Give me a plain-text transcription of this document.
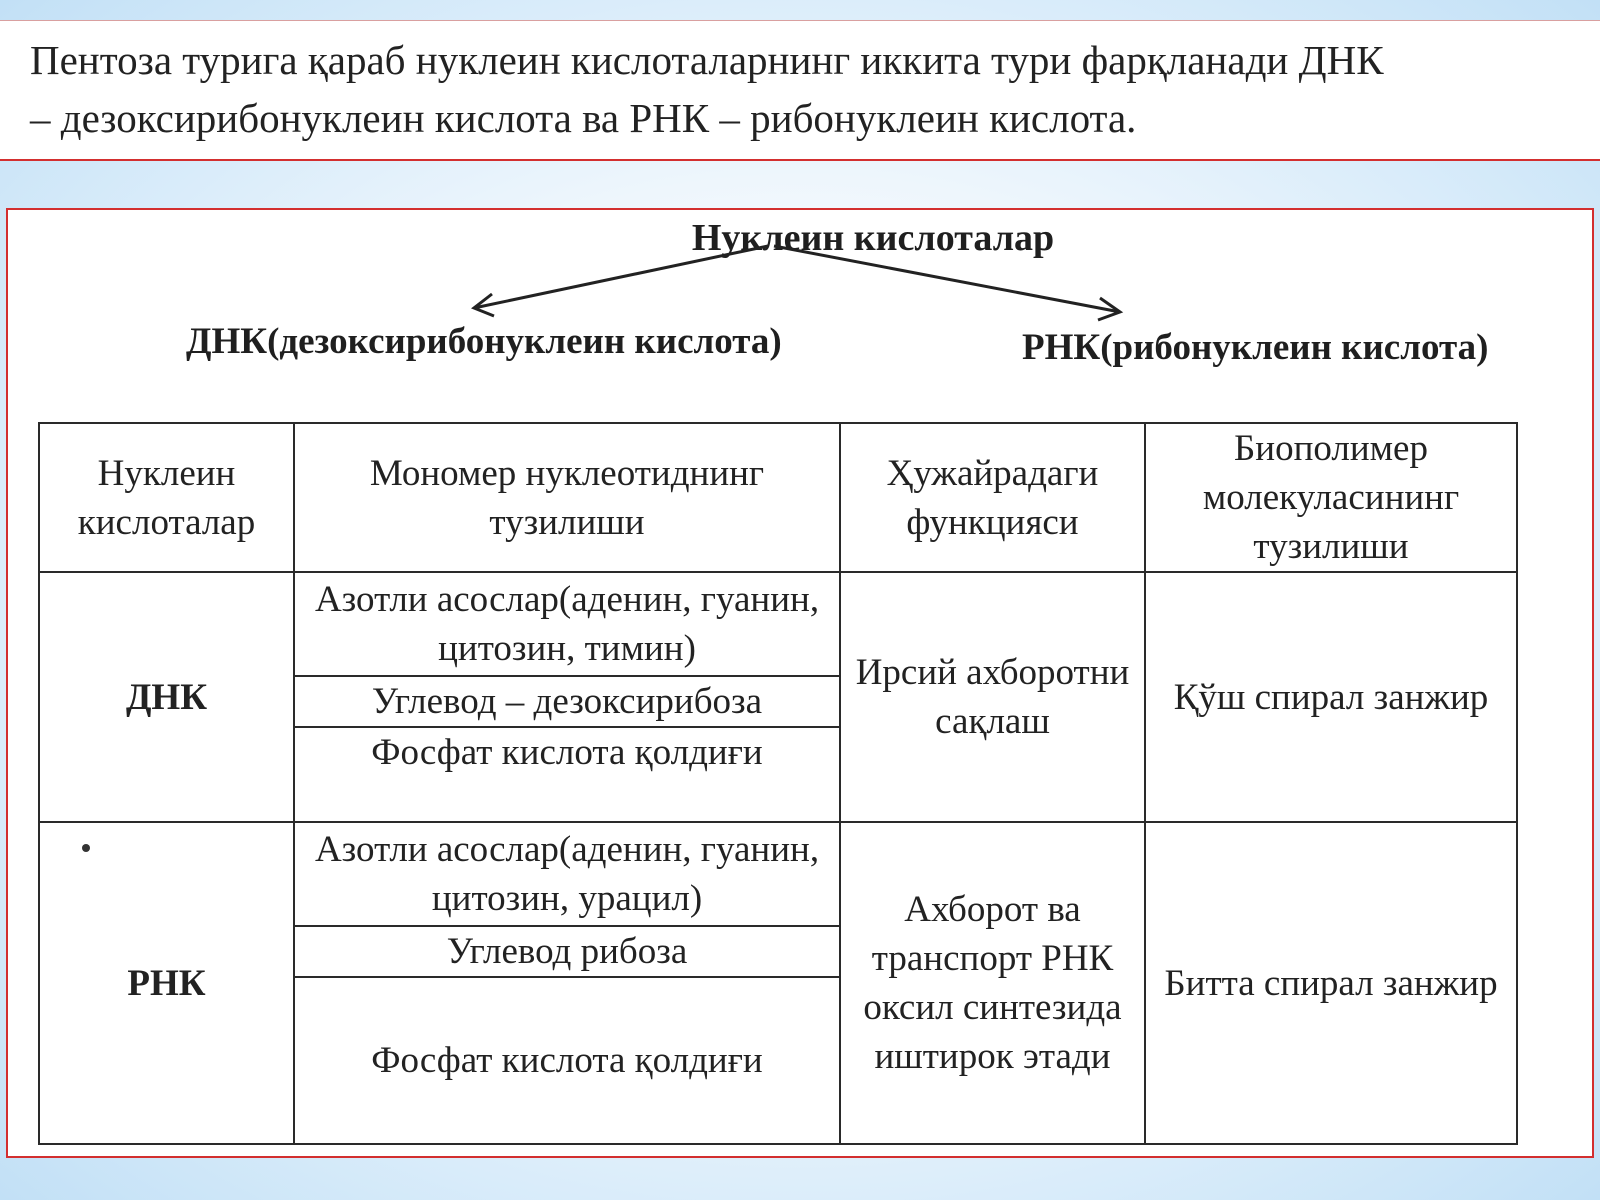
Пентоза турига қараб нуклеин кислоталарнинг иккита тури фарқланади ДНК
– дезоксирибонуклеин кислота ва РНК – рибонуклеин кислота.
Нуклеин кислоталар
ДНК(дезоксирибонуклеин кислота)	РНК(рибонуклеин кислота)
Нуклеин кислоталар	Мономер нуклеотиднинг тузилиши	Ҳужайрадаги функцияси	Биополимер молекуласининг тузилиши
ДНК	Азотли асослар(аденин, гуанин, цитозин, тимин)	Ирсий ахборотни сақлаш	Қўш спирал занжир
	Углевод – дезоксирибоза		
	Фосфат кислота қолдиғи		
РНК	Азотли асослар(аденин, гуанин, цитозин, урацил)	Ахборот ва транспорт РНК оксил синтезида иштирок этади	Битта спирал занжир
	Углевод рибоза		
	Фосфат кислота қолдиғи		
